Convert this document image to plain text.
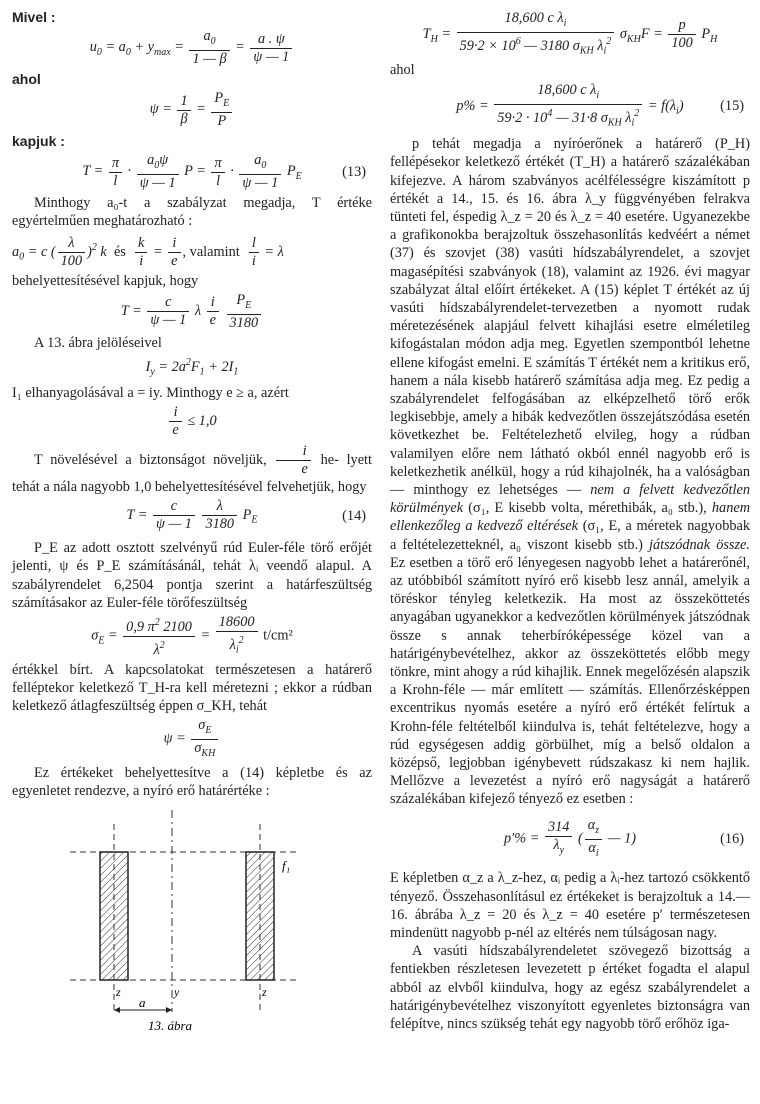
Mivel :

$u_0 = a_0 + y_{max} = \frac{a_0}{1 — \beta} = \frac{a . \psi}{\psi — 1}$

ahol

$\psi = \frac{1}{\beta} = \frac{P_E}{P}$

kapjuk :

$T = \frac{\pi}{l} \cdot \frac{a_0\psi}{\psi — 1}$ $P = \frac{\pi}{l} \cdot \frac{a_0}{\psi — 1} P_E$	(13)

Minthogy a₀-t a szabályzat megadja, T értéke egyértelműen meghatározható :

$a_0 = c$ ( $\frac{\lambda}{100} )^2$ k  és $\frac{k}{i} = \frac{i}{e}$ , valamint $\frac{l}{i} = \lambda$

behelyettesítésével kapjuk, hogy

$T = \frac{c}{\psi — 1}$ λ $\frac{i}{e}$
$\frac{P_E}{3180}$

A 13. ábra jelöléseivel

$I_y = 2a^2F_1 + 2I_1$

I₁ elhanyagolásával a = iy. Minthogy e ≥ a, azért

$\frac{i}{e} \le 1,0$

T növelésével a biztonságot növeljük, $\frac{i}{e} he-$ lyett tehát a nála nagyobb 1,0 behelyettesítésével felvehetjük, hogy

$T = \frac{c}{\psi — 1}$
$\frac{\lambda}{3180} P_E$	(14)

P_E az adott osztott szelvényű rúd Euler-féle törő erőjét jelenti, ψ és P_E számításánál, tehát λᵢ veendő alapul. A szabályrendelet 6,2504 pontja szerint a határfeszültség számításakor az Euler-féle törőfeszültség

$\sigma_E = \frac{0,9 \pi^2 2100}{\lambda^2} = \frac{18600}{\lambda_i^2} t/cm^2$

értékkel bírt. A kapcsolatokat természetesen a határerő felléptekor keletkező T_H-ra kell méretezni ; ekkor a rúdban keletkező átlagfeszültség éppen σ_KH, tehát

$\psi = \frac{\sigma_E}{\sigma_{KH}}$

Ez értékeket behelyettesítve a (14) képletbe és az egyenletet rendezve, a nyíró erő határértéke :

f₁
z	y	z
a
13. ábra
$T_H = \frac{18,600 c \lambda_i}{59\cdot 2 \times 10^6 — 3180 \sigma_{KH} \lambda_i^2} \sigma_{KH}F = \frac{p}{100} P_H$

ahol

$p\% = \frac{18,600 c \lambda_i}{59\cdot 2 \cdot 10^4 — 31\cdot 8 \sigma_{KH} \lambda_i^2} = f(\lambda_i)$	(15)

p tehát megadja a nyíróerőnek a határerő (P_H) fellépésekor keletkező értékét (T_H) a határerő százalékában kifejezve. A három szabványos acélfélességre kiszámított p értékét a 14., 15. és 16. ábra λ_y függvényében felrakva tünteti fel, éspedig λ_z = 20 és λ_z = 40 esetére. Ugyanezekbe a grafikonokba berajzoltuk összehasonlítás kedvéért a német (37) és szovjet (38) vasúti hídszabályrendelet, a szovjet magasépítési szabványok (18), valamint az 1926. évi magyar szabályzat által előírt értékeket. A (15) képlet T értékét az új vasúti hídszabályrendelet-tervezetben a nyomott rudak méretezésének alapjául felvett kihajlási esetre elméletileg kifogástalan módon adja meg. Egyetlen szempontból lehetne ellene kifogást emelni. E számítás T értékét nem a kritikus erő, hanem a nála kisebb határerő számítása adja meg. Ez pedig a szabályrendelet felfogásában az elképzelhető törő erők legkisebbje, amely a hibák kedvezőtlen összejátszódása esetén következhet be. Feltételezhető elvileg, hogy a rúdban valamilyen előre nem látható okból ennél nagyobb erő is keletkezhetik anélkül, hogy a rúd kihajolnék, ha a valóságban — minthogy ez lehetséges — nem a felvett kedvezőtlen körülmények (σ₁, E kisebb volta, mérethibák, a₀ stb.), hanem ellenkezőleg a kedvező eltérések (σ₁, E, a méretek nagyobbak a feltételezetteknél, a₀ viszont kisebb stb.) játszódnak össze. Ez esetben a törő erő lényegesen nagyobb lehet a határerőnél, az utóbbiból számított nyíró erő kisebb lesz annál, amelyik a töréskor tényleg keletkezik. Ha most az összeköttetés anyagában ugyanekkor a kedvezőtlen körülmények játszódnak össze s annak teherbíróképessége közel van a határigénybevételhez, akkor az összeköttetés előbb megy tönkre, mint ahogy a rúd kihajlik. Ennek megelőzésén alapszik a Krohn-féle — már említett — számítás. Ellenőrzésképpen excentrikus nyomás esetére a nyíró erő értékét felírtuk a Krohn-féle feltételből kiindulva is, tehát feltételezve, hogy a rúd egységesen addig görbülhet, míg a belső oldalon a középső, legjobban igénybevett rúdszakasz ki nem hajlik. Mellőzve a levezetést a nyíró erő nagyságát a határerő százalékában kifejező tényező ez esetben :

$p'\% = \frac{314}{\lambda_y}$ ( $\frac{\alpha_z}{\alpha_i}$ — 1)	(16)

E képletben α_z a λ_z-hez, αᵢ pedig a λᵢ-hez tartozó csökkentő tényező. Összehasonlításul ez értékeket is berajzoltuk a 14.—16. ábrába λ_z = 20 és λ_z = 40 esetére p′ természetesen mindenütt nagyobb p-nél az eltérés nem túlságosan nagy.

A vasúti hídszabályrendeletet szövegező bizottság a fentiekben részletesen levezetett p értéket fogadta el alapul abból az elvből kiindulva, hogy az egész szabályrendelet a határigénybevételhez viszonyított egyenletes biztonságra van felépítve, nincs szükség tehát egy nagyobb törő erőhöz iga-
